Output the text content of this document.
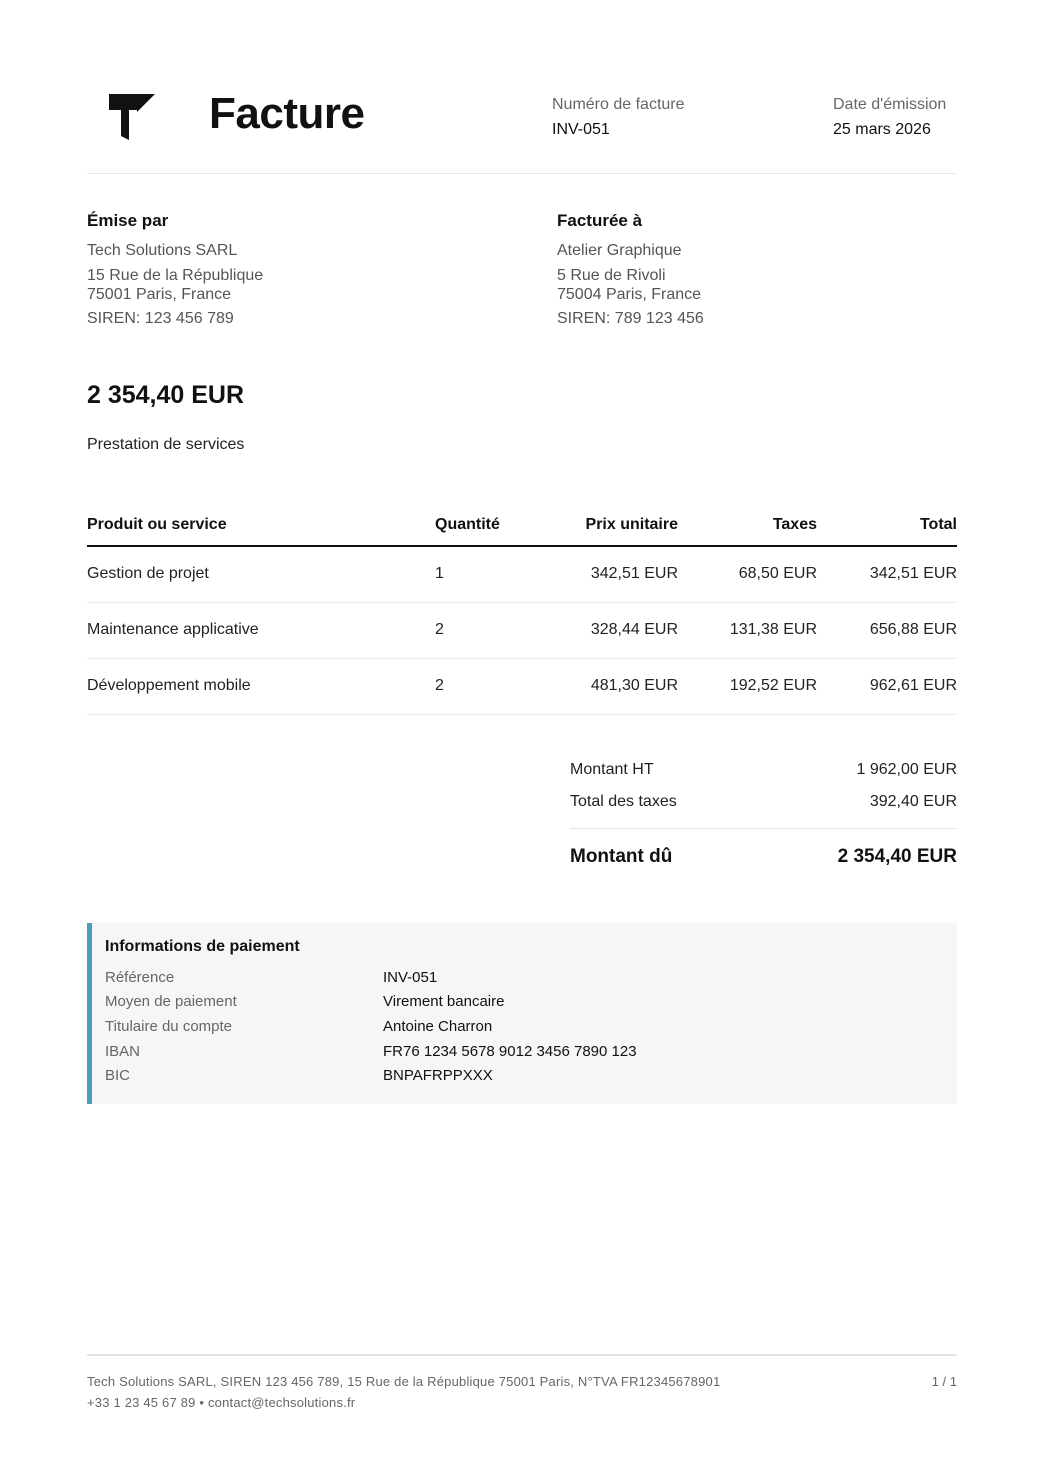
Facture	Numéro de facture
INV-051
Date d'émission
25 mars 2026
Émise par
Tech Solutions SARL
15 Rue de la République
75001 Paris, France
SIREN: 123 456 789
Facturée à
Atelier Graphique
5 Rue de Rivoli
75004 Paris, France
SIREN: 789 123 456
2 354,40 EUR
Prestation de services
Produit ou service	Quantité	Prix unitaire	Taxes	Total
Gestion de projet	1	342,51 EUR	68,50 EUR	342,51 EUR
Maintenance applicative	2	328,44 EUR	131,38 EUR	656,88 EUR
Développement mobile	2	481,30 EUR	192,52 EUR	962,61 EUR
Montant HT	1 962,00 EUR
Total des taxes	392,40 EUR
Montant dû	2 354,40 EUR
Informations de paiement
Référence	INV-051
Moyen de paiement	Virement bancaire
Titulaire du compte	Antoine Charron
IBAN	FR76 1234 5678 9012 3456 7890 123
BIC	BNPAFRPPXXX
Tech Solutions SARL, SIREN 123 456 789, 15 Rue de la République 75001 Paris, N°TVA FR12345678901
+33 1 23 45 67 89 • contact@techsolutions.fr
1 / 1
